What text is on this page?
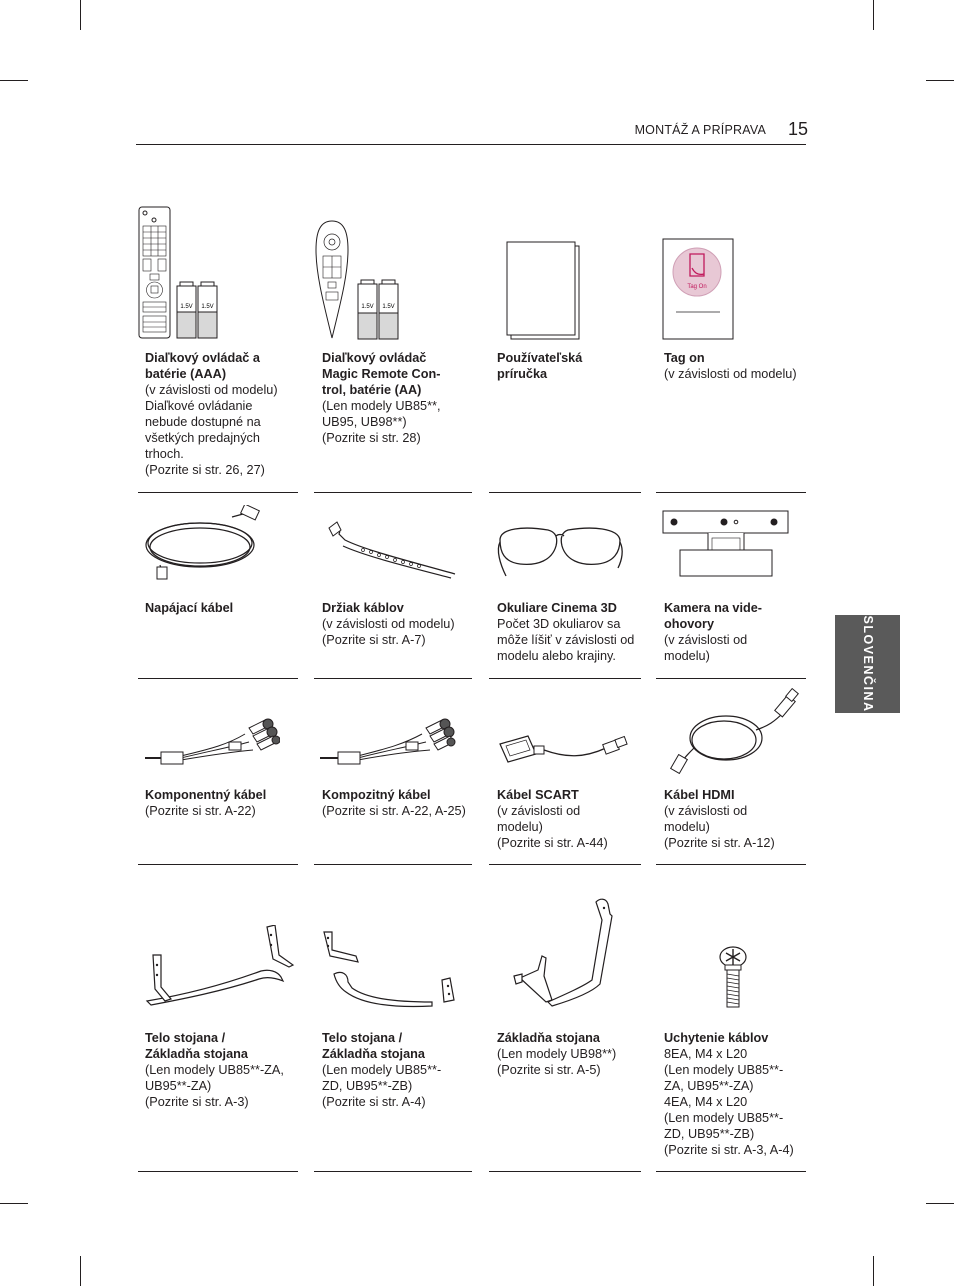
MONTÁŽ A PRÍPRAVA 15
SLOVENČINA
1.5V 1.5V	1.5V 1.5V
Tag On
Diaľkový ovládač a
batérie (AAA)
(v závislosti od modelu)
Diaľkové ovládanie
nebude dostupné na
všetkých predajných
trhoch.
(Pozrite si str. 26, 27)
Diaľkový ovládač
Magic Remote Con-
trol, batérie (AA)
(Len modely UB85**,
UB95, UB98**)
(Pozrite si str. 28)
Používateľská
príručka
Tag on
(v závislosti od modelu)
Napájací kábel	Držiak káblov
(v závislosti od modelu)
(Pozrite si str. A-7)
Okuliare Cinema 3D
Počet 3D okuliarov sa
môže líšiť v závislosti od
modelu alebo krajiny.
Kamera na vide-
ohovory
(v závislosti od
modelu)
Komponentný kábel
(Pozrite si str. A-22)
Kompozitný kábel
(Pozrite si str. A-22, A-25)
Kábel SCART
(v závislosti od
modelu)
(Pozrite si str. A-44)
Kábel HDMI
(v závislosti od
modelu)
(Pozrite si str. A-12)
Telo stojana /
Základňa stojana
(Len modely UB85**-ZA,
UB95**-ZA)
(Pozrite si str. A-3)
Telo stojana /
Základňa stojana
(Len modely UB85**-
ZD, UB95**-ZB)
(Pozrite si str. A-4)
Základňa stojana
(Len modely UB98**)
(Pozrite si str. A-5)
Uchytenie káblov
8EA, M4 x L20
(Len modely UB85**-
ZA, UB95**-ZA)
4EA, M4 x L20
(Len modely UB85**-
ZD, UB95**-ZB)
(Pozrite si str. A-3, A-4)
